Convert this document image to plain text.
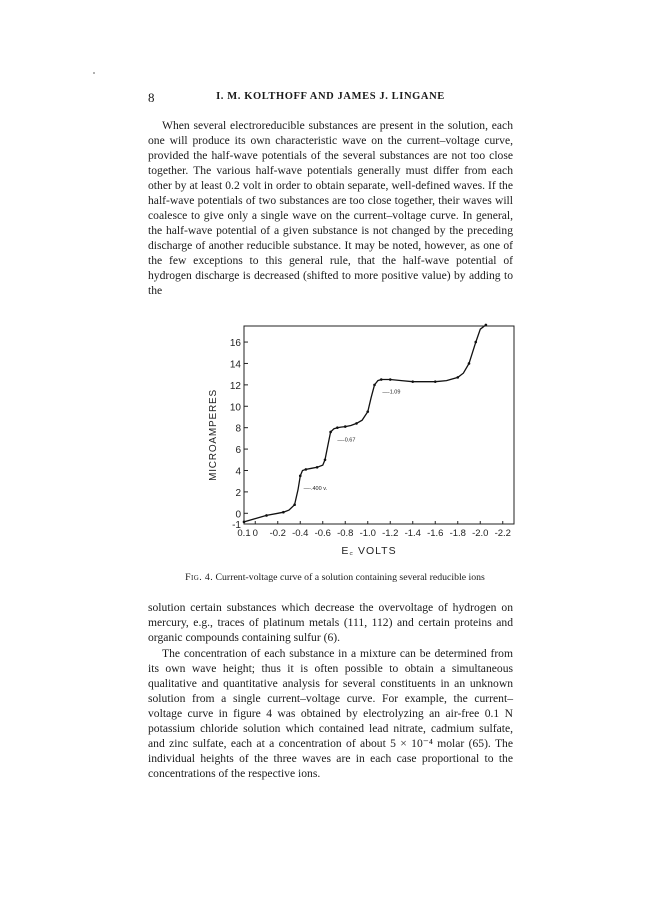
8	I. M. KOLTHOFF AND JAMES J. LINGANE

When several electroreducible substances are present in the solution, each one will produce its own characteristic wave on the current–voltage curve, provided the half-wave potentials of the several substances are not too close together. The various half-wave potentials generally must differ from each other by at least 0.2 volt in order to obtain separate, well-defined waves. If the half-wave potentials of two substances are too close together, their waves will coalesce to give only a single wave on the current–voltage curve. In general, the half-wave potential of a given substance is not changed by the preceding discharge of another reducible substance. It may be noted, however, as one of the few exceptions to this general rule, that the half-wave potential of hydrogen discharge is decreased (shifted to more positive value) by adding to the

-1
0
2
4
6
8
10
12
14
16
0.1 0 -0.2 -0.4 -0.6 -0.8 -1.0 -1.2 -1.4 -1.6 -1.8 -2.0 -2.2
—-1.09
—-0.67
—-.400 v.
E꜀ VOLTS
MICROAMPERES
Fig. 4. Current-voltage curve of a solution containing several reducible ions

solution certain substances which decrease the overvoltage of hydrogen on mercury, e.g., traces of platinum metals (111, 112) and certain proteins and organic compounds containing sulfur (6).

The concentration of each substance in a mixture can be determined from its own wave height; thus it is often possible to obtain a simultaneous qualitative and quantitative analysis for several constituents in an unknown solution from a single current–voltage curve. For example, the current–voltage curve in figure 4 was obtained by electrolyzing an air-free 0.1 N potassium chloride solution which contained lead nitrate, cadmium sulfate, and zinc sulfate, each at a concentration of about 5 × 10⁻⁴ molar (65). The individual heights of the three waves are in each case proportional to the concentrations of the respective ions.
